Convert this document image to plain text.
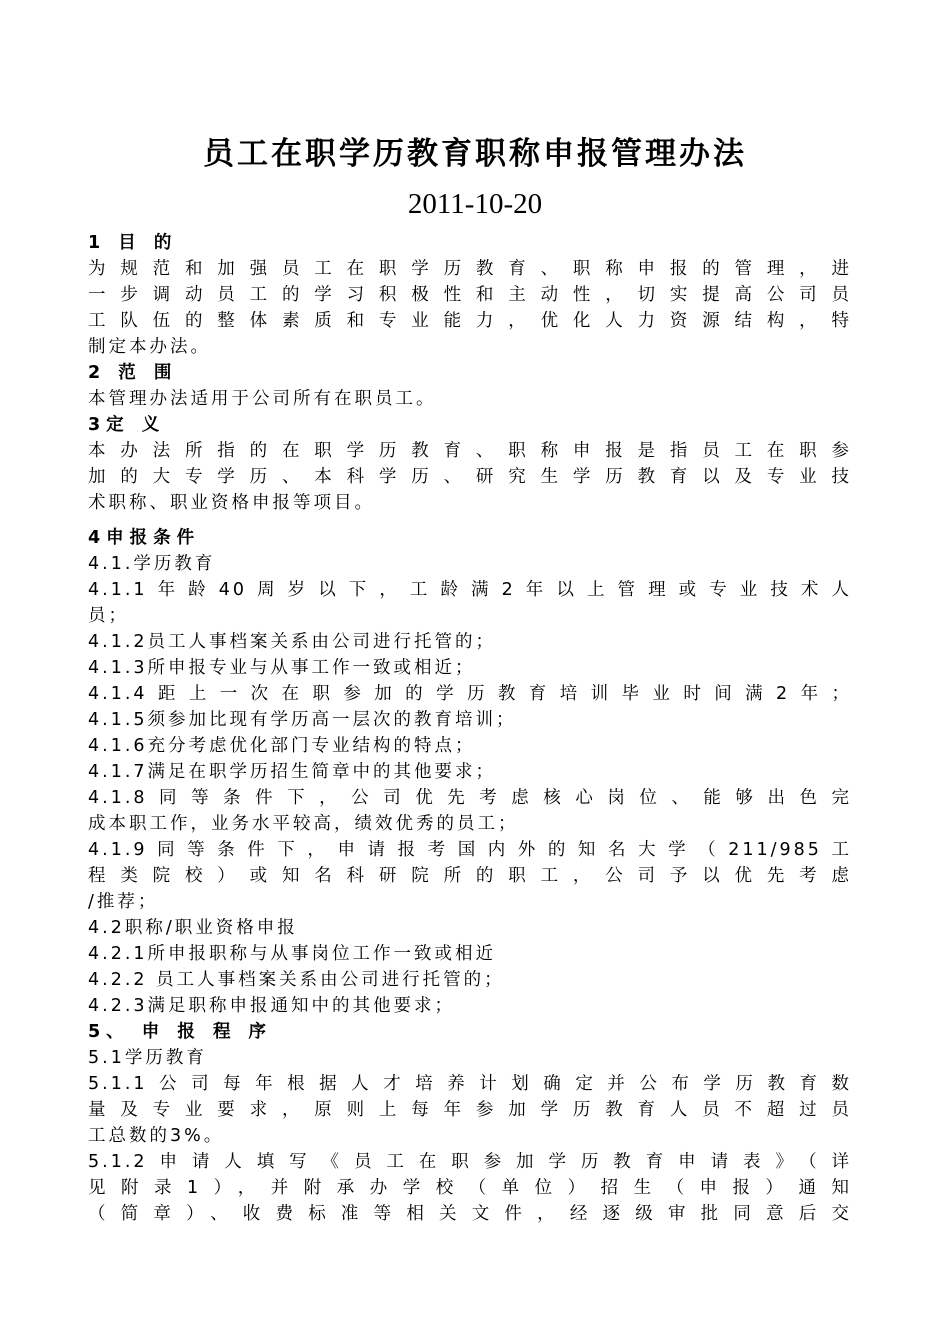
员工在职学历教育职称申报管理办法
2011-10-20
1 目 的
为规范和加强员工在职学历教育、职称申报的管理，进
一步调动员工的学习积极性和主动性，切实提高公司员
工队伍的整体素质和专业能力，优化人力资源结构，特
制定本办法。
2 范 围
本管理办法适用于公司所有在职员工。
3定 义
本办法所指的在职学历教育、职称申报是指员工在职参
加的大专学历、本科学历、研究生学历教育以及专业技
术职称、职业资格申报等项目。
4申报条件
4.1.学历教育
4.1.1年龄40周岁以下，工龄满2年以上管理或专业技术人
员；
4.1.2员工人事档案关系由公司进行托管的；
4.1.3所申报专业与从事工作一致或相近；
4.1.4距上一次在职参加的学历教育培训毕业时间满2年；
4.1.5须参加比现有学历高一层次的教育培训；
4.1.6充分考虑优化部门专业结构的特点；
4.1.7满足在职学历招生简章中的其他要求；
4.1.8同等条件下，公司优先考虑核心岗位、能够出色完
成本职工作，业务水平较高，绩效优秀的员工；
4.1.9同等条件下，申请报考国内外的知名大学（211/985工
程类院校）或知名科研院所的职工，公司予以优先考虑
/推荐；
4.2职称/职业资格申报
4.2.1所申报职称与从事岗位工作一致或相近
4.2.2 员工人事档案关系由公司进行托管的；
4.2.3满足职称申报通知中的其他要求；
5、 申 报 程 序
5.1学历教育
5.1.1公司每年根据人才培养计划确定并公布学历教育数
量及专业要求，原则上每年参加学历教育人员不超过员
工总数的3%。
5.1.2申请人填写《员工在职参加学历教育申请表》（详
见附录1），并附承办学校（单位）招生（申报）通知
（简章）、收费标准等相关文件，经逐级审批同意后交
